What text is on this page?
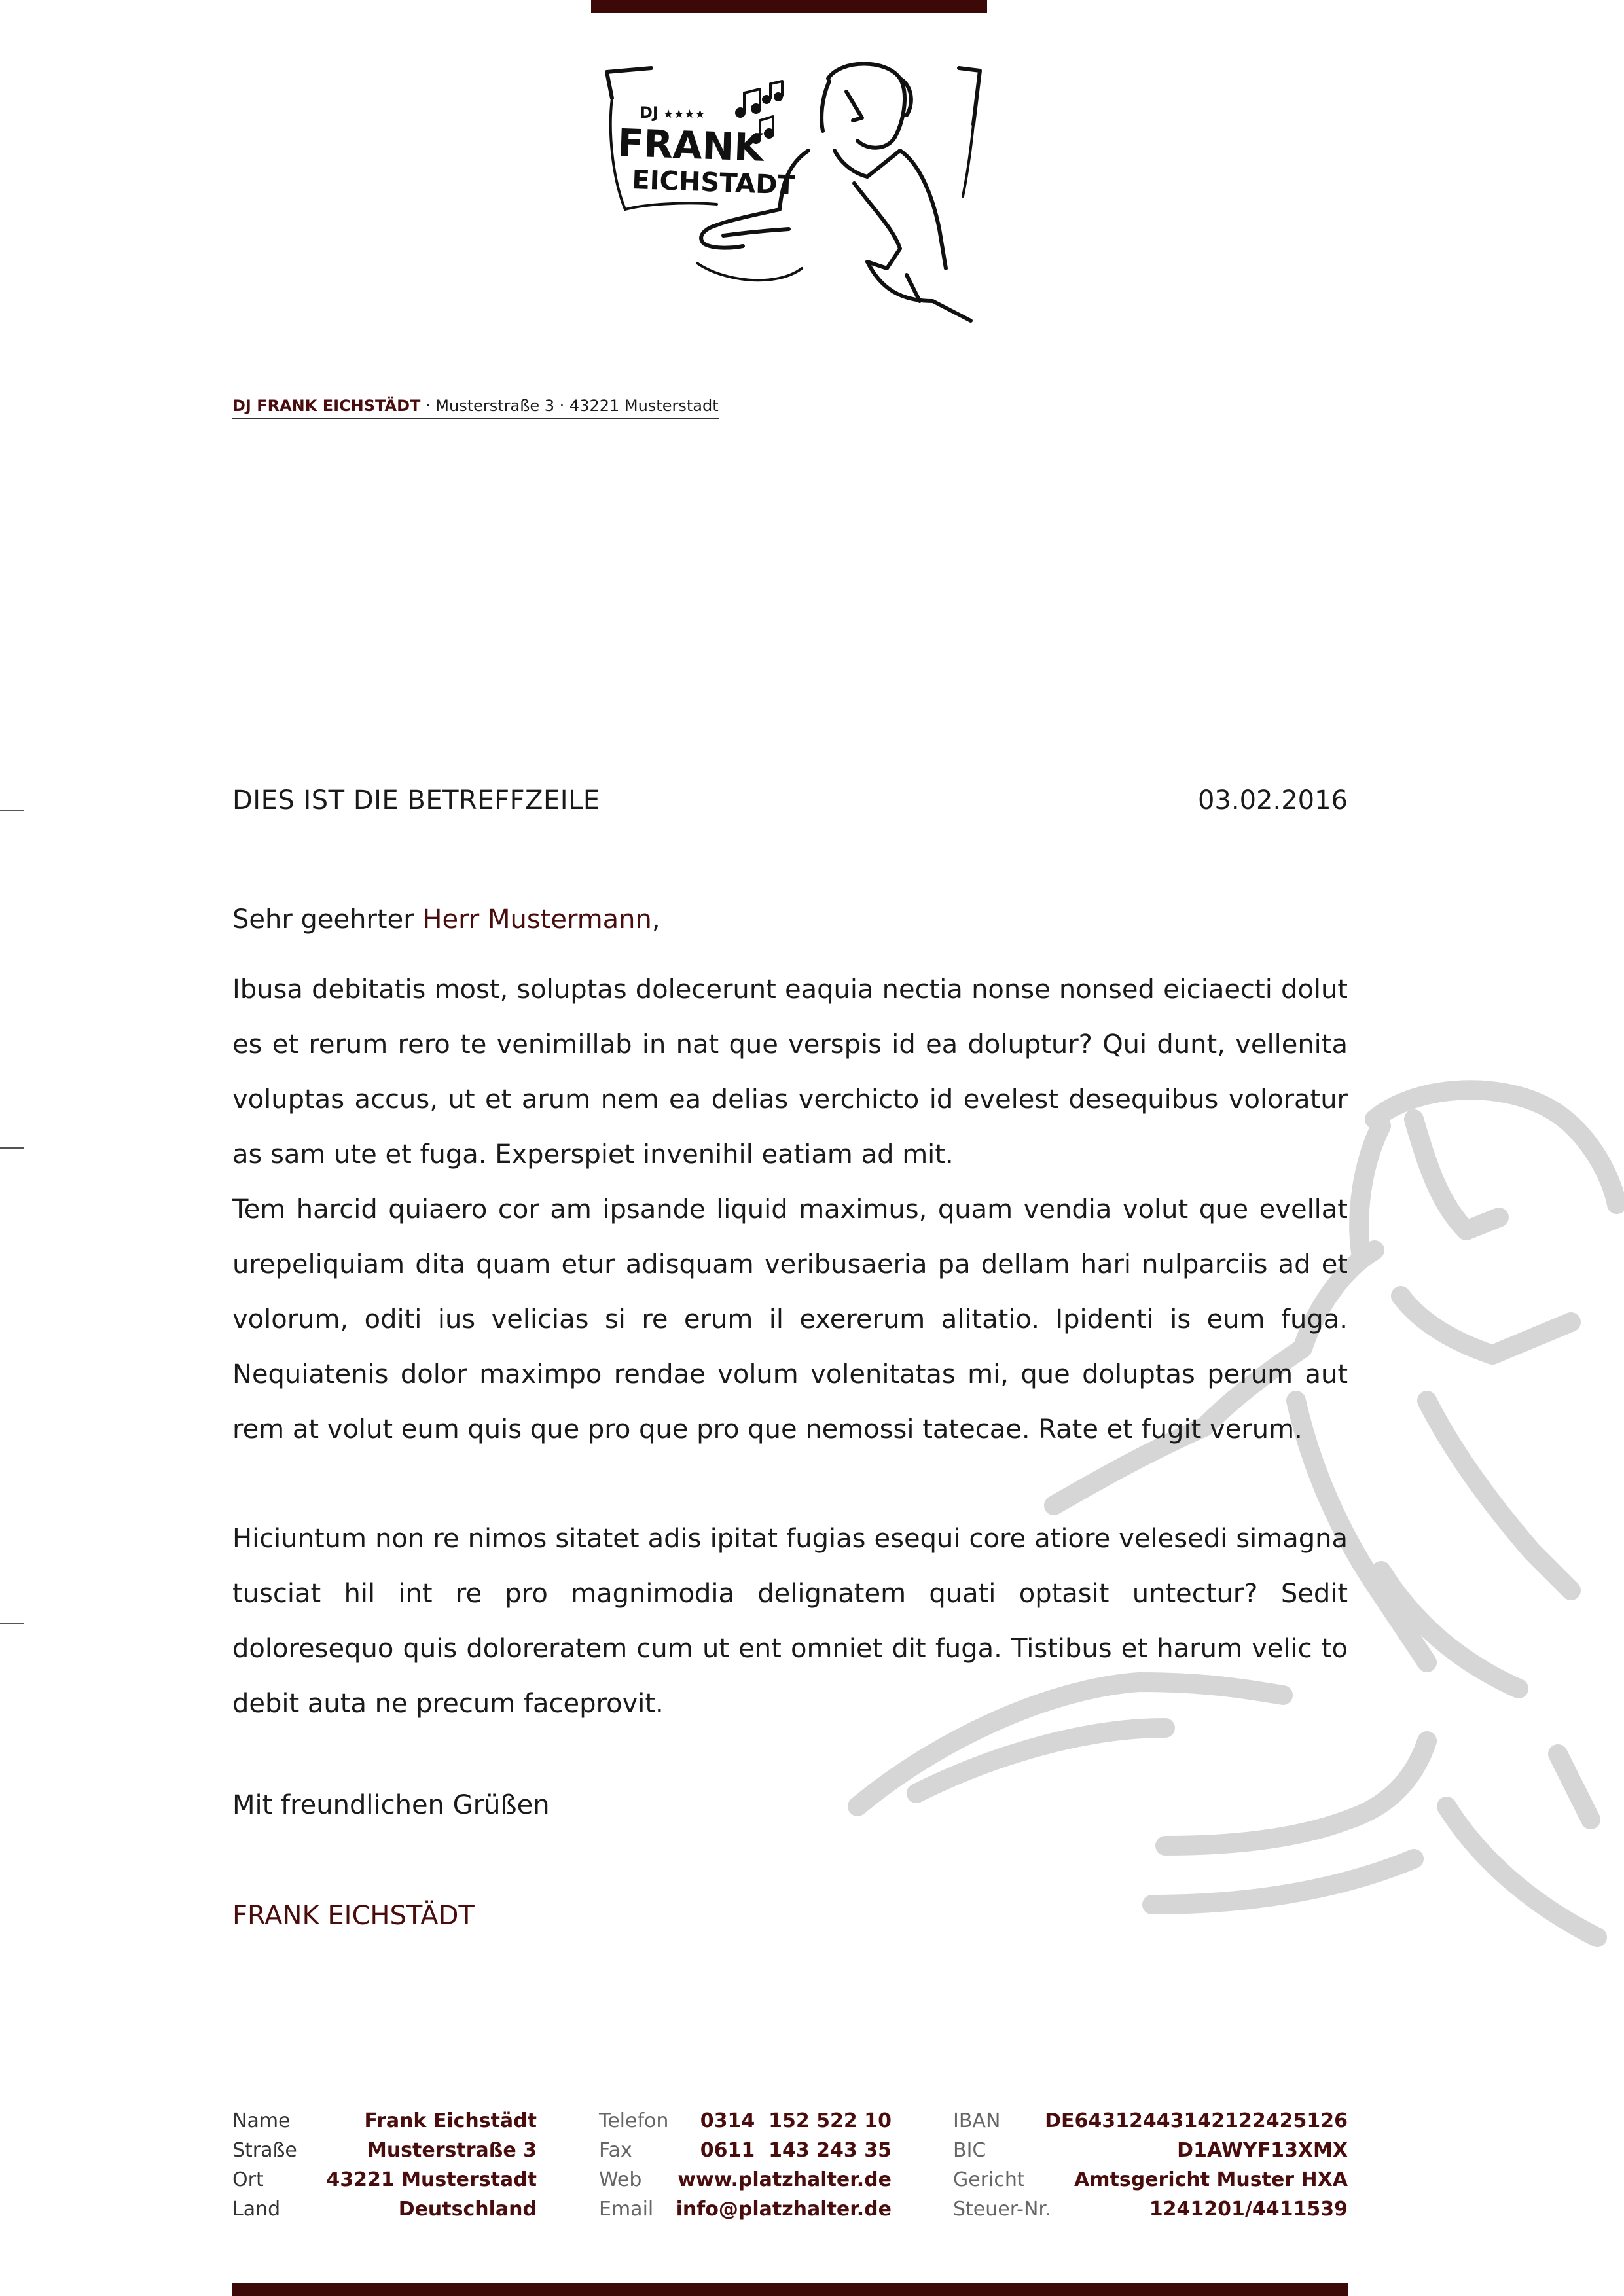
DJ ★★★★
FRANK
EICHSTADT
DJ FRANK EICHSTÄDT · Musterstraße 3 · 43221 Musterstadt
DIES IST DIE BETREFFZEILE	03.02.2016
Sehr geehrter Herr Mustermann,

Ibusa debitatis most, soluptas dolecerunt eaquia nectia nonse nonsed eiciaecti dolut es et rerum rero te venimillab in nat que verspis id ea doluptur? Qui dunt, vellenita voluptas accus, ut et arum nem ea delias verchicto id evelest desequibus voloratur as sam ute et fuga. Experspiet invenihil eatiam ad mit.

Tem harcid quiaero cor am ipsande liquid maximus, quam vendia volut que evellat urepeliquiam dita quam etur adisquam veribusaeria pa dellam hari nulparciis ad et volorum, oditi ius velicias si re erum il exererum alitatio. Ipidenti is eum fuga. Nequiatenis dolor maximpo rendae volum volenitatas mi, que doluptas perum aut rem at volut eum quis que pro que pro que nemossi tatecae. Rate et fugit verum.

Hiciuntum non re nimos sitatet adis ipitat fugias esequi core atiore velesedi simagna tusciat hil int re pro magnimodia delignatem quati optasit untectur? Sedit doloresequo quis doloreratem cum ut ent omniet dit fuga. Tistibus et harum velic to debit auta ne precum faceprovit.

Mit freundlichen Grüßen
FRANK EICHSTÄDT
Name	Frank Eichstädt
Straße	Musterstraße 3
Ort	43221 Musterstadt
Land	Deutschland
Telefon 0314  152 522 10
Fax	0611  143 243 35
Web www.platzhalter.de
Email info@platzhalter.de
IBAN DE64312443142122425126
BIC	D1AWYF13XMX
Gericht	Amtsgericht Muster HXA
Steuer-Nr.	1241201/4411539
